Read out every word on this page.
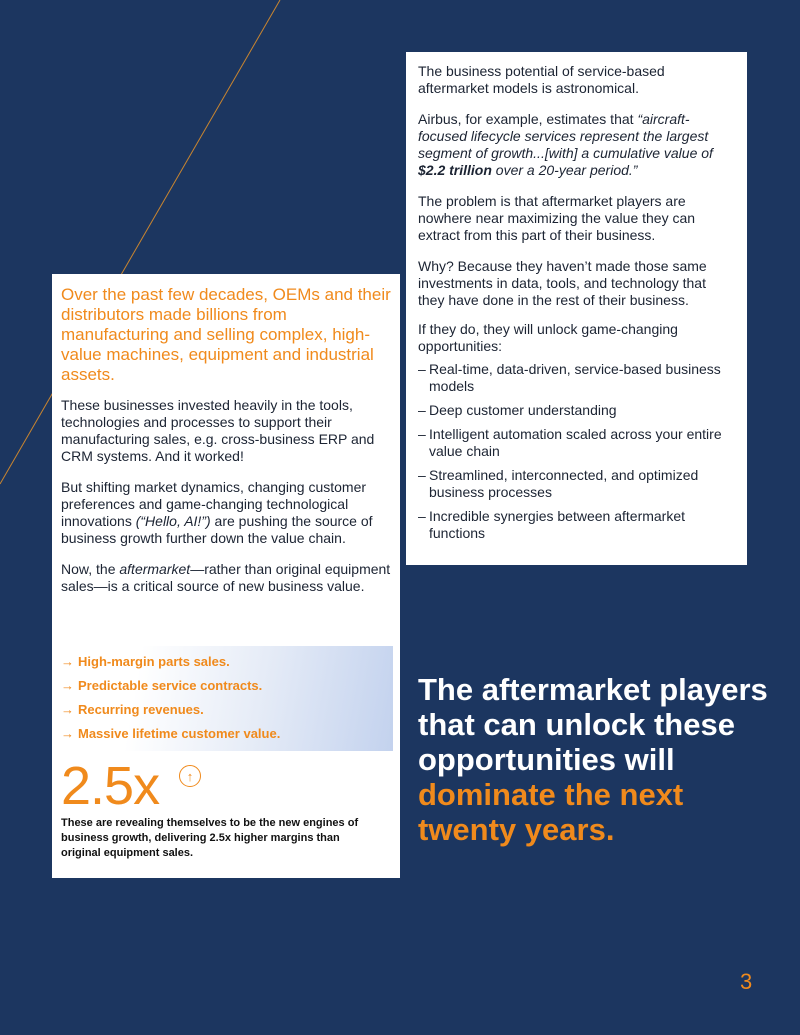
The business potential of service-based aftermarket models is astronomical.

Airbus, for example, estimates that “aircraft-focused lifecycle services represent the largest segment of growth...[with] a cumulative value of $2.2 trillion over a 20-year period.”

The problem is that aftermarket players are nowhere near maximizing the value they can extract from this part of their business.

Why? Because they haven’t made those same investments in data, tools, and technology that they have done in the rest of their business.

If they do, they will unlock game-changing opportunities:

– Real-time, data-driven, service-based business models
– Deep customer understanding
– Intelligent automation scaled across your entire value chain
– Streamlined, interconnected, and optimized business processes
– Incredible synergies between aftermarket functions

Over the past few decades, OEMs and their distributors made billions from manufacturing and selling complex, high-value machines, equipment and industrial assets.

These businesses invested heavily in the tools, technologies and processes to support their manufacturing sales, e.g. cross-business ERP and CRM systems. And it worked!

But shifting market dynamics, changing customer preferences and game-changing technological innovations (“Hello, AI!”) are pushing the source of business growth further down the value chain.

Now, the aftermarket—rather than original equipment sales—is a critical source of new business value.

→ High-margin parts sales.
→ Predictable service contracts.
→ Recurring revenues.
→ Massive lifetime customer value.
2.5x	↑
These are revealing themselves to be the new engines of business growth, delivering 2.5x higher margins than original equipment sales.
The aftermarket players that can unlock these opportunities will dominate the next twenty years.
3
